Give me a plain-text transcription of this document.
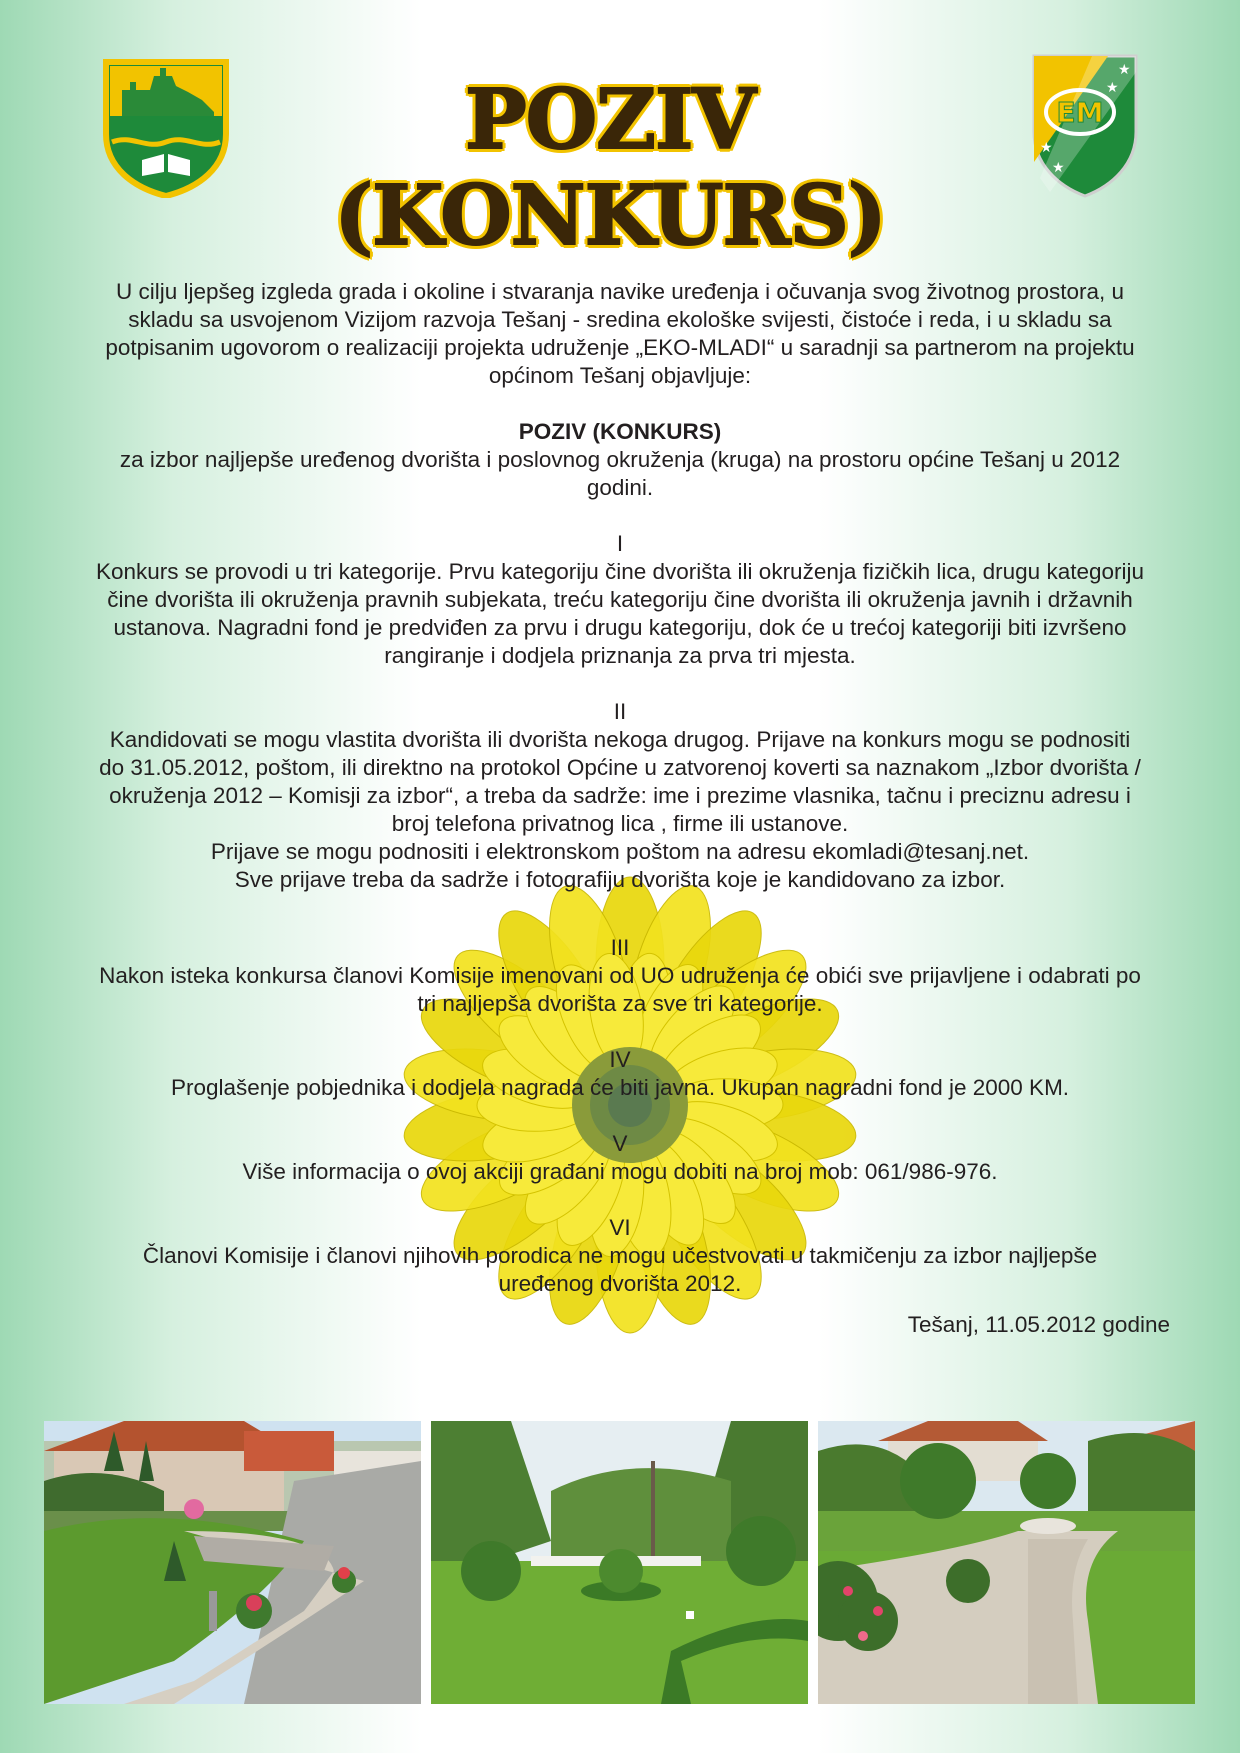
★
★
★
★
EM
POZIV (KONKURS)

U cilju ljepšeg izgleda grada i okoline i stvaranja navike uređenja i očuvanja svog životnog prostora, u skladu sa usvojenom Vizijom razvoja Tešanj - sredina ekološke svijesti, čistoće i reda, i u skladu sa potpisanim ugovorom o realizaciji projekta udruženje „EKO-MLADI“ u saradnji sa partnerom na projektu općinom Tešanj objavljuje:

POZIV (KONKURS)

za izbor najljepše uređenog dvorišta i poslovnog okruženja (kruga) na prostoru općine Tešanj u 2012 godini.

I

Konkurs se provodi u tri kategorije. Prvu kategoriju čine dvorišta ili okruženja fizičkih lica, drugu kategoriju čine dvorišta ili okruženja pravnih subjekata, treću kategoriju čine dvorišta ili okruženja javnih i državnih ustanova. Nagradni fond je predviđen za prvu i drugu kategoriju, dok će u trećoj kategoriji biti izvršeno rangiranje i dodjela priznanja za prva tri mjesta.

II

Kandidovati se mogu vlastita dvorišta ili dvorišta nekoga drugog. Prijave na konkurs mogu se podnositi do 31.05.2012, poštom, ili direktno na protokol Općine u zatvorenoj koverti sa naznakom „Izbor dvorišta / okruženja 2012 – Komisji za izbor“, a treba da sadrže: ime i prezime vlasnika, tačnu i preciznu adresu i broj telefona privatnog lica , firme ili ustanove.

Prijave se mogu podnositi i elektronskom poštom na adresu ekomladi@tesanj.net.

Sve prijave treba da sadrže i fotografiju dvorišta koje je kandidovano za izbor.

III

Nakon isteka konkursa članovi Komisije imenovani od UO udruženja će obići sve prijavljene i odabrati po tri najljepša dvorišta za sve tri kategorije.

IV

Proglašenje pobjednika i dodjela nagrada će biti javna. Ukupan nagradni fond je 2000 KM.

V

Više informacija o ovoj akciji građani mogu dobiti na broj mob: 061/986-976.

VI

Članovi Komisije i članovi njihovih porodica ne mogu učestvovati u takmičenju za izbor najljepše uređenog dvorišta 2012.

Tešanj, 11.05.2012 godine
